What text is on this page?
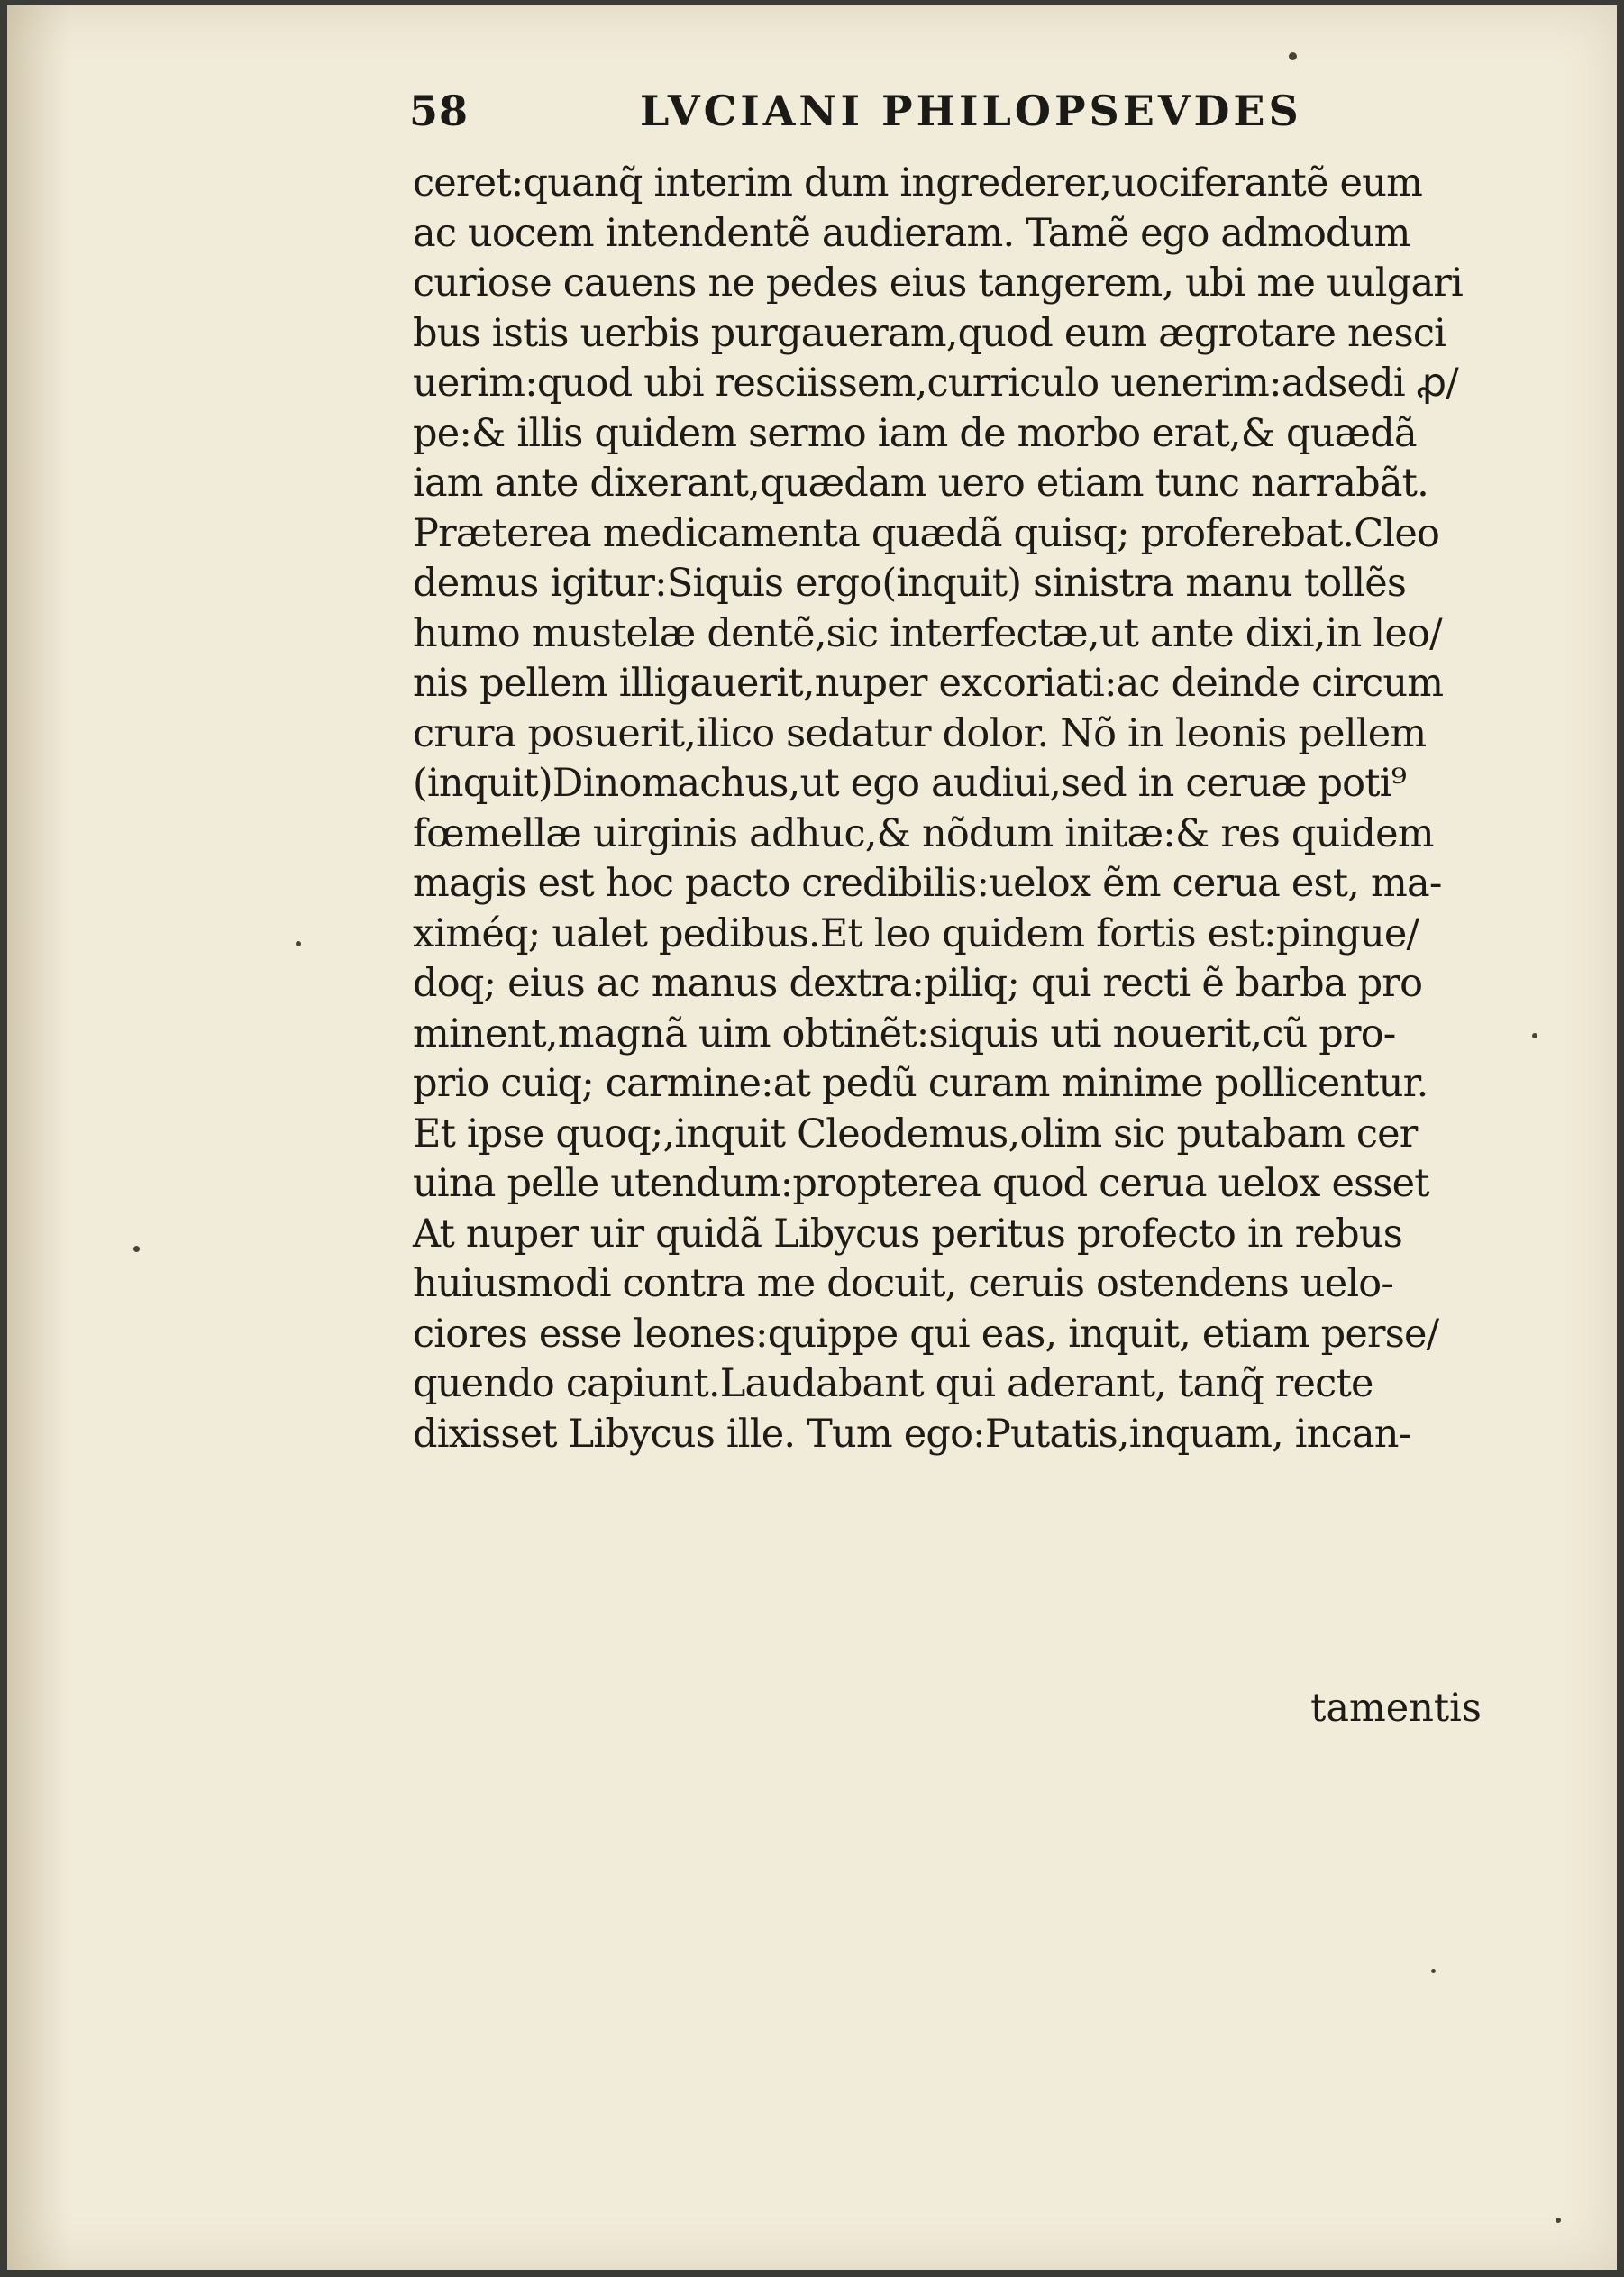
58	LVCIANI PHILOPSEVDES
ceret:quanq̃ interim dum ingrederer,uociferantẽ eum
ac uocem intendentẽ audieram. Tamẽ ego admodum
curiose cauens ne pedes eius tangerem, ubi me uulgari
bus istis uerbis purgaueram,quod eum ægrotare nesci
uerim:quod ubi resciissem,curriculo uenerim:adsedi ꝓ/
pe:& illis quidem sermo iam de morbo erat,& quædã
iam ante dixerant,quædam uero etiam tunc narrabãt.
Præterea medicamenta quædã quisq; proferebat.Cleo
demus igitur:Siquis ergo(inquit) sinistra manu tollẽs
humo mustelæ dentẽ,sic interfectæ,ut ante dixi,in leo/
nis pellem illigauerit,nuper excoriati:ac deinde circum
crura posuerit,ilico sedatur dolor. Nõ in leonis pellem
(inquit)Dinomachus,ut ego audiui,sed in ceruæ poti⁹
fœmellæ uirginis adhuc,& nõdum initæ:& res quidem
magis est hoc pacto credibilis:uelox ẽm cerua est, ma-
ximéq; ualet pedibus.Et leo quidem fortis est:pingue/
doq; eius ac manus dextra:piliq; qui recti ẽ barba pro
minent,magnã uim obtinẽt:siquis uti nouerit,cũ pro-
prio cuiq; carmine:at pedũ curam minime pollicentur.
Et ipse quoq;,inquit Cleodemus,olim sic putabam cer
uina pelle utendum:propterea quod cerua uelox esset
At nuper uir quidã Libycus peritus profecto in rebus
huiusmodi contra me docuit, ceruis ostendens uelo-
ciores esse leones:quippe qui eas, inquit, etiam perse/
quendo capiunt.Laudabant qui aderant, tanq̃ recte
dixisset Libycus ille. Tum ego:Putatis,inquam, incan-
tamentis
